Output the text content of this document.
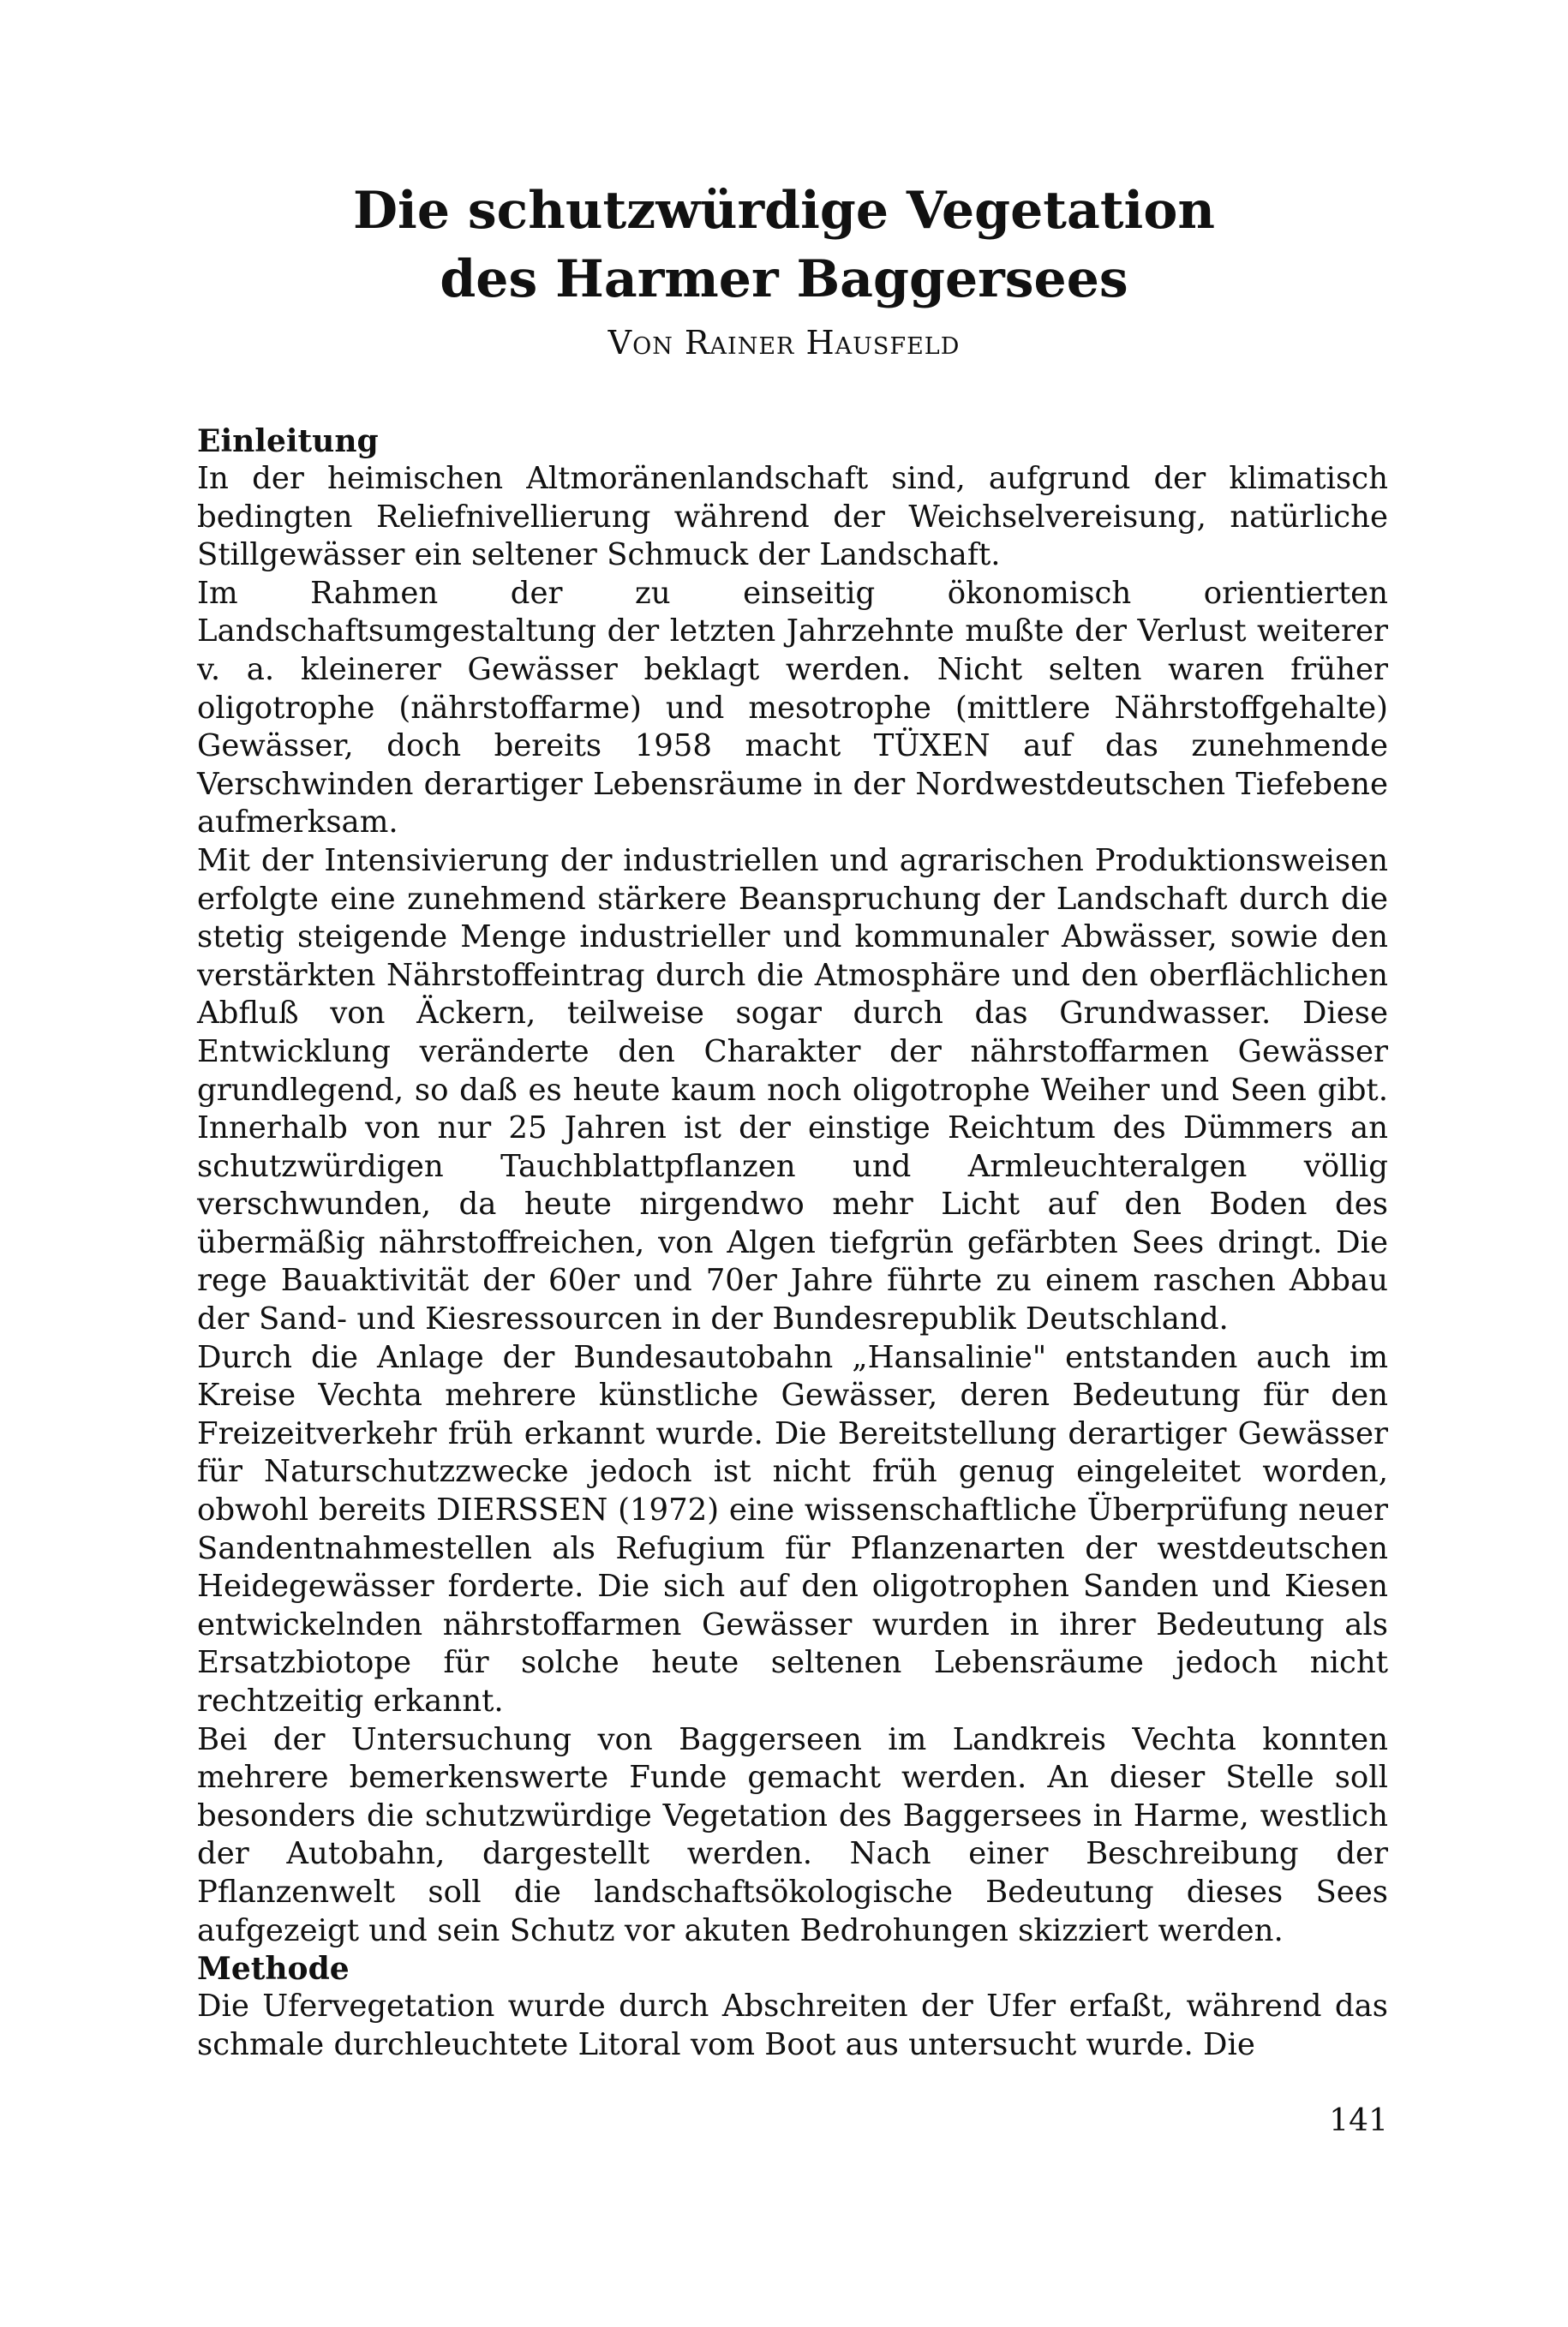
Die schutzwürdige Vegetation
des Harmer Baggersees
Von Rainer Hausfeld
Einleitung

In der heimischen Altmoränenlandschaft sind, aufgrund der klimatisch bedingten Reliefnivellierung während der Weichselvereisung, natürliche Stillgewässer ein seltener Schmuck der Landschaft.

Im Rahmen der zu einseitig ökonomisch orientierten Landschaftsumgestaltung der letzten Jahrzehnte mußte der Verlust weiterer v. a. kleinerer Gewässer beklagt werden. Nicht selten waren früher oligotrophe (nährstoffarme) und mesotrophe (mittlere Nährstoffgehalte) Gewässer, doch bereits 1958 macht TÜXEN auf das zunehmende Verschwinden derartiger Lebensräume in der Nordwestdeutschen Tiefebene aufmerksam.

Mit der Intensivierung der industriellen und agrarischen Produktionsweisen erfolgte eine zunehmend stärkere Beanspruchung der Landschaft durch die stetig steigende Menge industrieller und kommunaler Abwässer, sowie den verstärkten Nährstoffeintrag durch die Atmosphäre und den oberflächlichen Abfluß von Äckern, teilweise sogar durch das Grundwasser. Diese Entwicklung veränderte den Charakter der nährstoffarmen Gewässer grundlegend, so daß es heute kaum noch oligotrophe Weiher und Seen gibt. Innerhalb von nur 25 Jahren ist der einstige Reichtum des Dümmers an schutzwürdigen Tauchblattpflanzen und Armleuchteralgen völlig verschwunden, da heute nirgendwo mehr Licht auf den Boden des übermäßig nährstoffreichen, von Algen tiefgrün gefärbten Sees dringt. Die rege Bauaktivität der 60er und 70er Jahre führte zu einem raschen Abbau der Sand- und Kiesressourcen in der Bundesrepublik Deutschland.

Durch die Anlage der Bundesautobahn „Hansalinie" entstanden auch im Kreise Vechta mehrere künstliche Gewässer, deren Bedeutung für den Freizeitverkehr früh erkannt wurde. Die Bereitstellung derartiger Gewässer für Naturschutzzwecke jedoch ist nicht früh genug eingeleitet worden, obwohl bereits DIERSSEN (1972) eine wissenschaftliche Überprüfung neuer Sandentnahmestellen als Refugium für Pflanzenarten der westdeutschen Heidegewässer forderte. Die sich auf den oligotrophen Sanden und Kiesen entwickelnden nährstoffarmen Gewässer wurden in ihrer Bedeutung als Ersatzbiotope für solche heute seltenen Lebensräume jedoch nicht rechtzeitig erkannt.

Bei der Untersuchung von Baggerseen im Landkreis Vechta konnten mehrere bemerkenswerte Funde gemacht werden. An dieser Stelle soll besonders die schutzwürdige Vegetation des Baggersees in Harme, westlich der Autobahn, dargestellt werden. Nach einer Beschreibung der Pflanzenwelt soll die landschaftsökologische Bedeutung dieses Sees aufgezeigt und sein Schutz vor akuten Bedrohungen skizziert werden.

Methode

Die Ufervegetation wurde durch Abschreiten der Ufer erfaßt, während das schmale durchleuchtete Litoral vom Boot aus untersucht wurde. Die

141
